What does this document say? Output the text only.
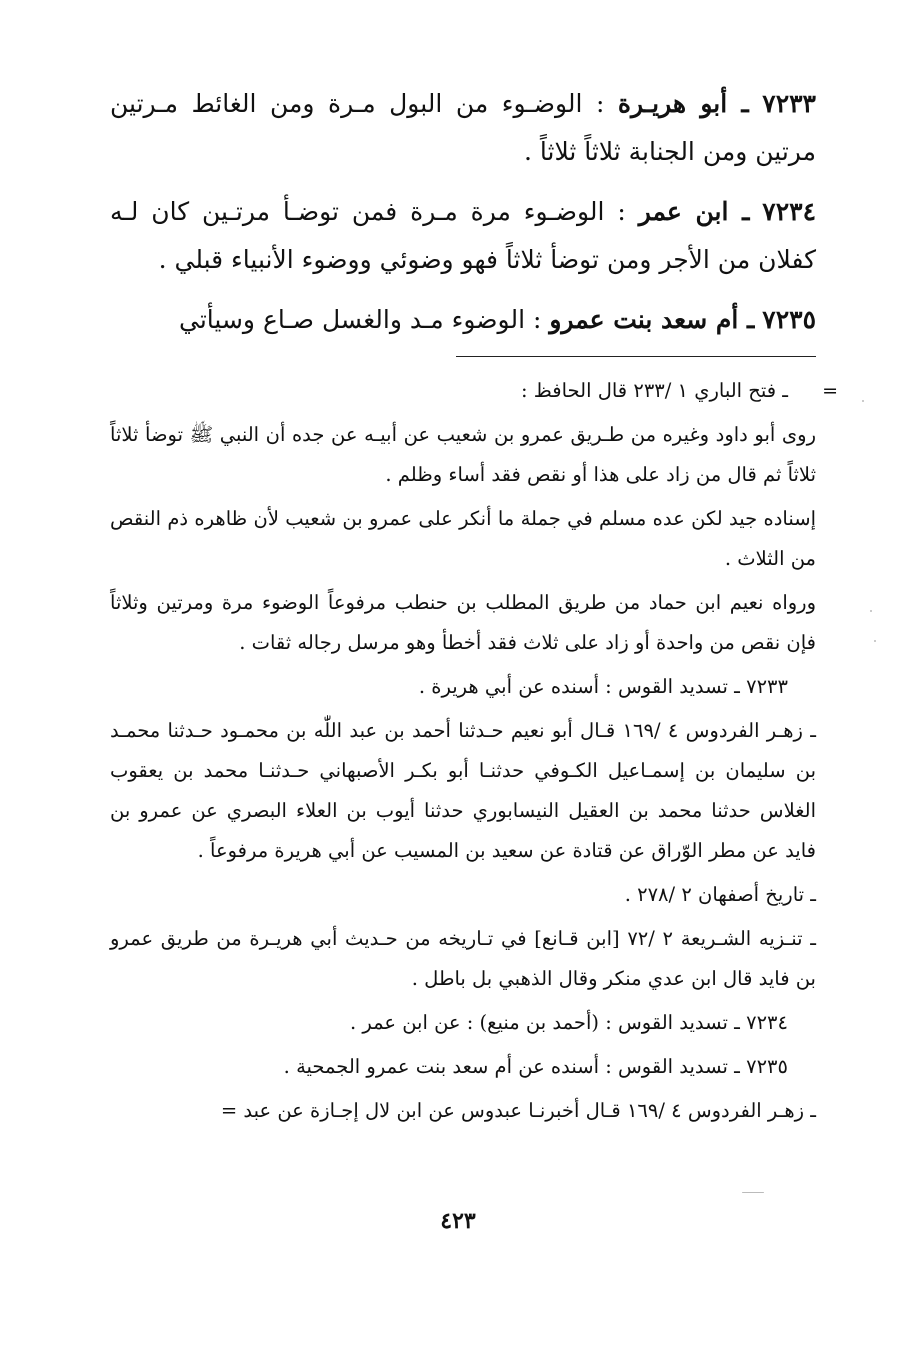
٧٢٣٣ ـ أبو هريـرة : الوضـوء من البول مـرة ومن الغائط مـرتين مرتين ومن الجنابة ثلاثاً ثلاثاً .
٧٢٣٤ ـ ابن عمر : الوضـوء مرة مـرة فمن توضـأ مرتـين كان لـه كفلان من الأجر ومن توضأ ثلاثاً فهو وضوئي ووضوء الأنبياء قبلي .
٧٢٣٥ ـ أم سعد بنت عمرو : الوضوء مـد والغسل صـاع وسيأتي
=
ـ فتح الباري ١ /٢٣٣ قال الحافظ :
روى أبو داود وغيره من طـريق عمرو بن شعيب عن أبيـه عن جده أن النبي ﷺ توضأ ثلاثاً ثلاثاً ثم قال من زاد على هذا أو نقص فقد أساء وظلم .
إسناده جيد لكن عده مسلم في جملة ما أنكر على عمرو بن شعيب لأن ظاهره ذم النقص من الثلاث .
ورواه نعيم ابن حماد من طريق المطلب بن حنطب مرفوعاً الوضوء مرة ومرتين وثلاثاً فإن نقص من واحدة أو زاد على ثلاث فقد أخطأ وهو مرسل رجاله ثقات .
٧٢٣٣ ـ تسديد القوس : أسنده عن أبي هريرة .
ـ زهـر الفردوس ٤ /١٦٩ قـال أبو نعيم حـدثنا أحمد بن عبد اللّٰه بن محمـود حـدثنا محمـد بن سليمان بن إسمـاعيل الكـوفي حدثنـا أبو بكـر الأصبهاني حـدثنـا محمد بن يعقوب الغلاس حدثنا محمد بن العقيل النيسابوري حدثنا أيوب بن العلاء البصري عن عمرو بن فايد عن مطر الوّراق عن قتادة عن سعيد بن المسيب عن أبي هريرة مرفوعاً .
ـ تاريخ أصفهان ٢ /٢٧٨ .
ـ تنـزيه الشـريعة ٢ /٧٢ [ابن قـانع] في تـاريخه من حـديث أبي هريـرة من طريق عمرو بن فايد قال ابن عدي منكر وقال الذهبي بل باطل .
٧٢٣٤ ـ تسديد القوس : (أحمد بن منيع) : عن ابن عمر .
٧٢٣٥ ـ تسديد القوس : أسنده عن أم سعد بنت عمرو الجمحية .
ـ زهـر الفردوس ٤ /١٦٩ قـال أخبرنـا عبدوس عن ابن لال إجـازة عن عبد =
٤٢٣
